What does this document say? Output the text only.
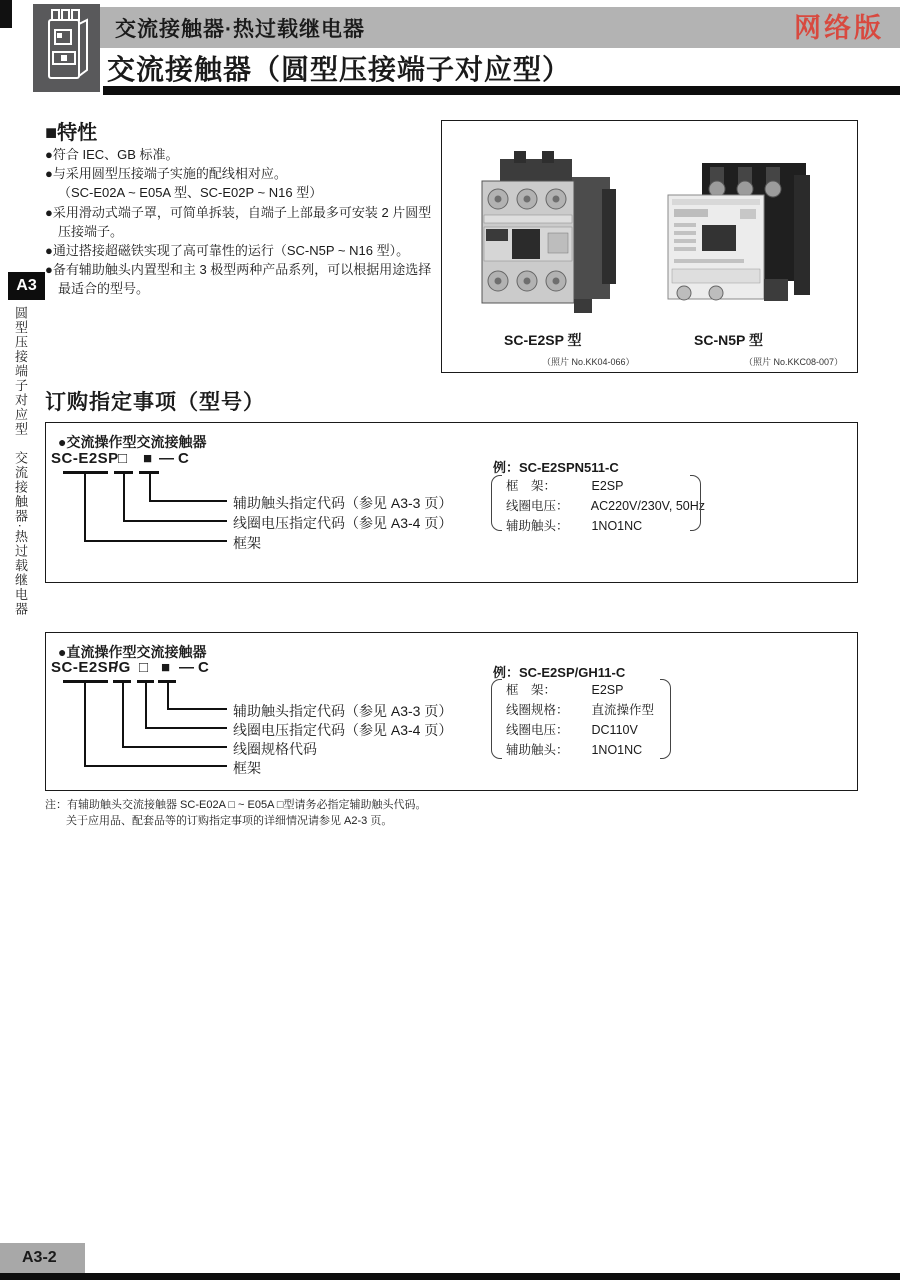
交流接触器·热过载继电器	网络版
交流接触器（圆型压接端子对应型）
A3
圆型压接端子对应型　交流接触器·热过载继电器
■特性
●符合 IEC、GB 标准。
●与采用圆型压接端子实施的配线相对应。
（SC-E02A ~ E05A 型、SC-E02P ~ N16 型）
●采用滑动式端子罩，可简单拆装，自端子上部最多可安装 2 片圆型
压接端子。
●通过搭接超磁铁实现了高可靠性的运行（SC-N5P ~ N16 型）。
●备有辅助触头内置型和主 3 极型两种产品系列，可以根据用途选择
最适合的型号。
SC-E2SP 型	SC-N5P 型
（照片 No.KK04-066）	（照片 No.KKC08-007）
订购指定事项（型号）
●交流操作型交流接触器
SC-E2SP □ ■ — C
辅助触头指定代码（参见 A3-3 页）
线圈电压指定代码（参见 A3-4 页）
框架
例：SC-E2SPN511-C
框　架：	E2SP
线圈电压： AC220V/230V, 50Hz
辅助触头： 1NO1NC
●直流操作型交流接触器
SC-E2SP
/G □ ■ — C
辅助触头指定代码（参见 A3-3 页）
线圈电压指定代码（参见 A3-4 页）
线圈规格代码
框架
例：SC-E2SP/GH11-C
框　架：	E2SP
线圈规格： 直流操作型
线圈电压： DC110V
辅助触头： 1NO1NC
注：有辅助触头交流接触器 SC-E02A □ ~ E05A □型请务必指定辅助触头代码。
关于应用品、配套品等的订购指定事项的详细情况请参见 A2-3 页。
A3-2
